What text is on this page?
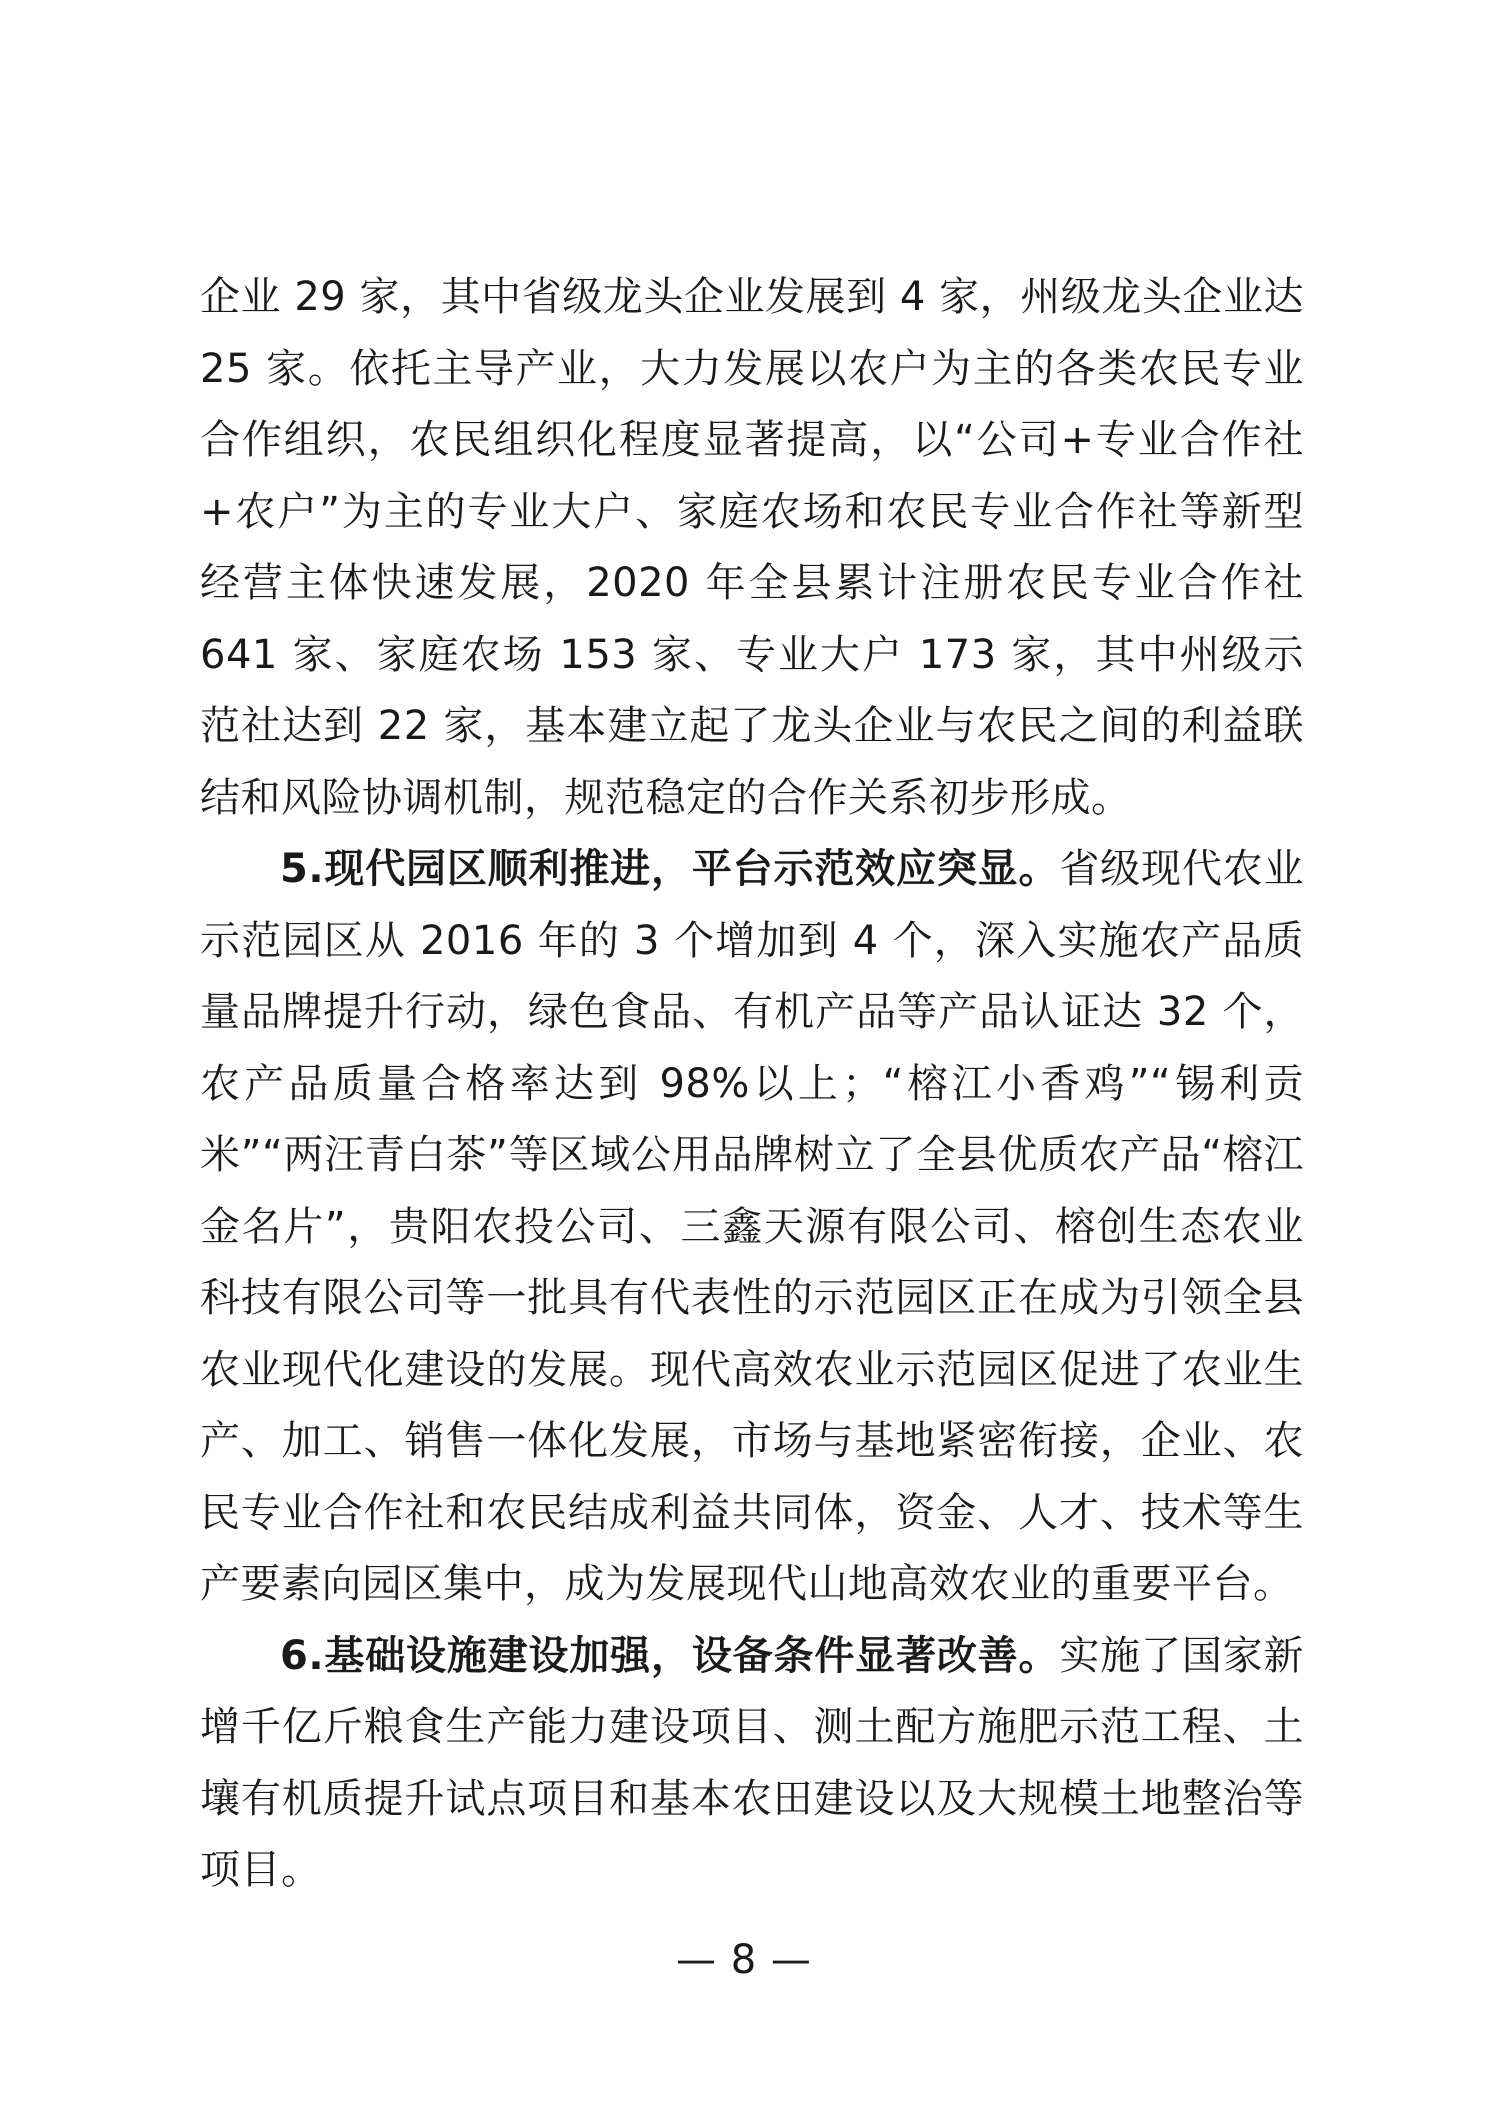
企业 29 家，其中省级龙头企业发展到 4 家，州级龙头企业达 25 家。依托主导产业，大力发展以农户为主的各类农民专业合作组织，农民组织化程度显著提高，以“公司+专业合作社+农户”为主的专业大户、家庭农场和农民专业合作社等新型经营主体快速发展，2020 年全县累计注册农民专业合作社 641 家、家庭农场 153 家、专业大户 173 家，其中州级示范社达到 22 家，基本建立起了龙头企业与农民之间的利益联结和风险协调机制，规范稳定的合作关系初步形成。

5.现代园区顺利推进，平台示范效应突显。省级现代农业示范园区从 2016 年的 3 个增加到 4 个，深入实施农产品质量品牌提升行动，绿色食品、有机产品等产品认证达 32 个，农产品质量合格率达到 98%以上；“榕江小香鸡”“锡利贡米”“两汪青白茶”等区域公用品牌树立了全县优质农产品“榕江金名片”，贵阳农投公司、三鑫天源有限公司、榕创生态农业科技有限公司等一批具有代表性的示范园区正在成为引领全县农业现代化建设的发展。现代高效农业示范园区促进了农业生产、加工、销售一体化发展，市场与基地紧密衔接，企业、农民专业合作社和农民结成利益共同体，资金、人才、技术等生产要素向园区集中，成为发展现代山地高效农业的重要平台。

6.基础设施建设加强，设备条件显著改善。实施了国家新增千亿斤粮食生产能力建设项目、测土配方施肥示范工程、土壤有机质提升试点项目和基本农田建设以及大规模土地整治等项目。

— 8 —
